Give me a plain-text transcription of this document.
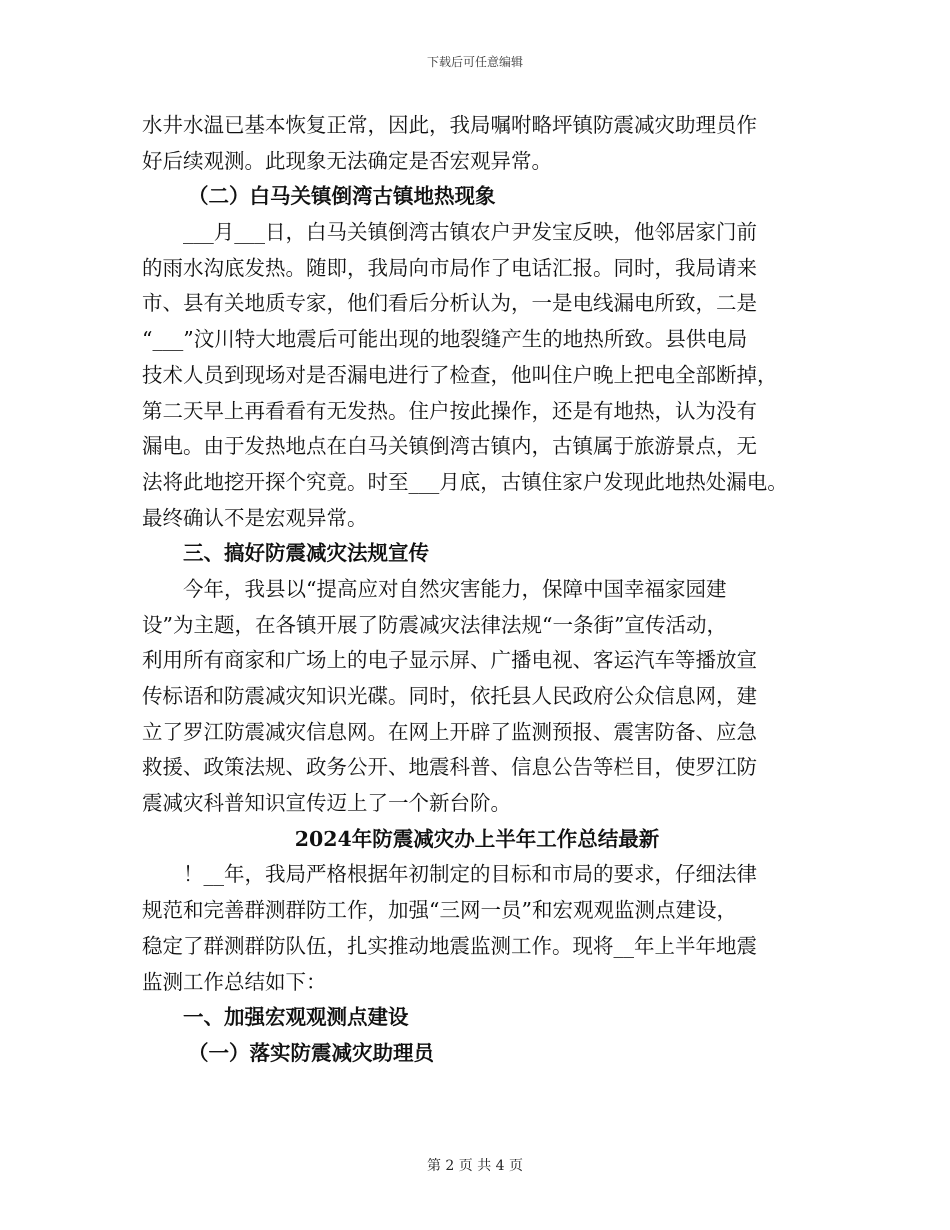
下载后可任意编辑
水井水温已基本恢复正常，因此，我局嘱咐略坪镇防震减灾助理员作
好后续观测。此现象无法确定是否宏观异常。
（二）白马关镇倒湾古镇地热现象
___月___日，白马关镇倒湾古镇农户尹发宝反映，他邻居家门前
的雨水沟底发热。随即，我局向市局作了电话汇报。同时，我局请来
市、县有关地质专家，他们看后分析认为，一是电线漏电所致，二是
“___”汶川特大地震后可能出现的地裂缝产生的地热所致。县供电局
技术人员到现场对是否漏电进行了检查，他叫住户晚上把电全部断掉，
第二天早上再看看有无发热。住户按此操作，还是有地热，认为没有
漏电。由于发热地点在白马关镇倒湾古镇内，古镇属于旅游景点，无
法将此地挖开探个究竟。时至___月底，古镇住家户发现此地热处漏电。
最终确认不是宏观异常。
三、搞好防震减灾法规宣传
今年，我县以“提高应对自然灾害能力，保障中国幸福家园建
设”为主题，在各镇开展了防震减灾法律法规“一条街”宣传活动，
利用所有商家和广场上的电子显示屏、广播电视、客运汽车等播放宣
传标语和防震减灾知识光碟。同时，依托县人民政府公众信息网，建
立了罗江防震减灾信息网。在网上开辟了监测预报、震害防备、应急
救援、政策法规、政务公开、地震科普、信息公告等栏目，使罗江防
震减灾科普知识宣传迈上了一个新台阶。
2024年防震减灾办上半年工作总结最新
！__年，我局严格根据年初制定的目标和市局的要求，仔细法律
规范和完善群测群防工作，加强“三网一员”和宏观观监测点建设，
稳定了群测群防队伍，扎实推动地震监测工作。现将__年上半年地震
监测工作总结如下：
一、加强宏观观测点建设
（一）落实防震减灾助理员
第 2 页 共 4 页
